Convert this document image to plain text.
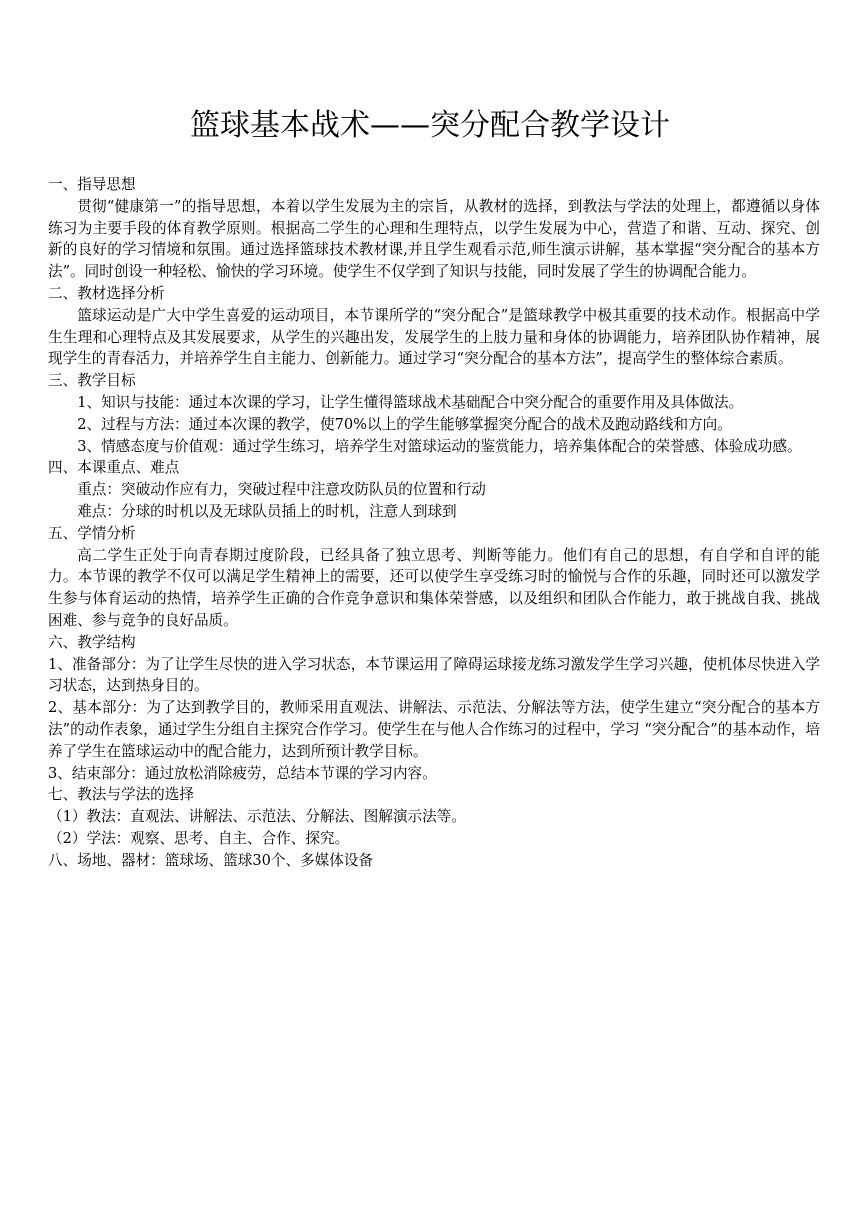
篮球基本战术——突分配合教学设计

一、指导思想

贯彻“健康第一”的指导思想，本着以学生发展为主的宗旨，从教材的选择，到教法与学法的处理上，都遵循以身体练习为主要手段的体育教学原则。根据高二学生的心理和生理特点，以学生发展为中心，营造了和谐、互动、探究、创新的良好的学习情境和氛围。通过选择篮球技术教材课,并且学生观看示范,师生演示讲解，基本掌握“突分配合的基本方法”。同时创设一种轻松、愉快的学习环境。使学生不仅学到了知识与技能，同时发展了学生的协调配合能力。

二、教材选择分析

篮球运动是广大中学生喜爱的运动项目，本节课所学的“突分配合”是篮球教学中极其重要的技术动作。根据高中学生生理和心理特点及其发展要求，从学生的兴趣出发，发展学生的上肢力量和身体的协调能力，培养团队协作精神，展现学生的青春活力，并培养学生自主能力、创新能力。通过学习“突分配合的基本方法”，提高学生的整体综合素质。

三、教学目标

1、知识与技能：通过本次课的学习，让学生懂得篮球战术基础配合中突分配合的重要作用及具体做法。

2、过程与方法：通过本次课的教学，使70%以上的学生能够掌握突分配合的战术及跑动路线和方向。

3、情感态度与价值观：通过学生练习，培养学生对篮球运动的鉴赏能力，培养集体配合的荣誉感、体验成功感。

四、本课重点、难点

重点：突破动作应有力，突破过程中注意攻防队员的位置和行动

难点：分球的时机以及无球队员插上的时机，注意人到球到

五、学情分析

高二学生正处于向青春期过度阶段，已经具备了独立思考、判断等能力。他们有自己的思想，有自学和自评的能力。本节课的教学不仅可以满足学生精神上的需要，还可以使学生享受练习时的愉悦与合作的乐趣，同时还可以激发学生参与体育运动的热情，培养学生正确的合作竞争意识和集体荣誉感，以及组织和团队合作能力，敢于挑战自我、挑战困难、参与竞争的良好品质。

六、教学结构

1、准备部分：为了让学生尽快的进入学习状态，本节课运用了障碍运球接龙练习激发学生学习兴趣，使机体尽快进入学习状态，达到热身目的。

2、基本部分：为了达到教学目的，教师采用直观法、讲解法、示范法、分解法等方法，使学生建立“突分配合的基本方法”的动作表象，通过学生分组自主探究合作学习。使学生在与他人合作练习的过程中，学习 “突分配合”的基本动作，培养了学生在篮球运动中的配合能力，达到所预计教学目标。

3、结束部分：通过放松消除疲劳，总结本节课的学习内容。

七、教法与学法的选择

（1）教法：直观法、讲解法、示范法、分解法、图解演示法等。

（2）学法：观察、思考、自主、合作、探究。

八、场地、器材：篮球场、篮球30个、多媒体设备
